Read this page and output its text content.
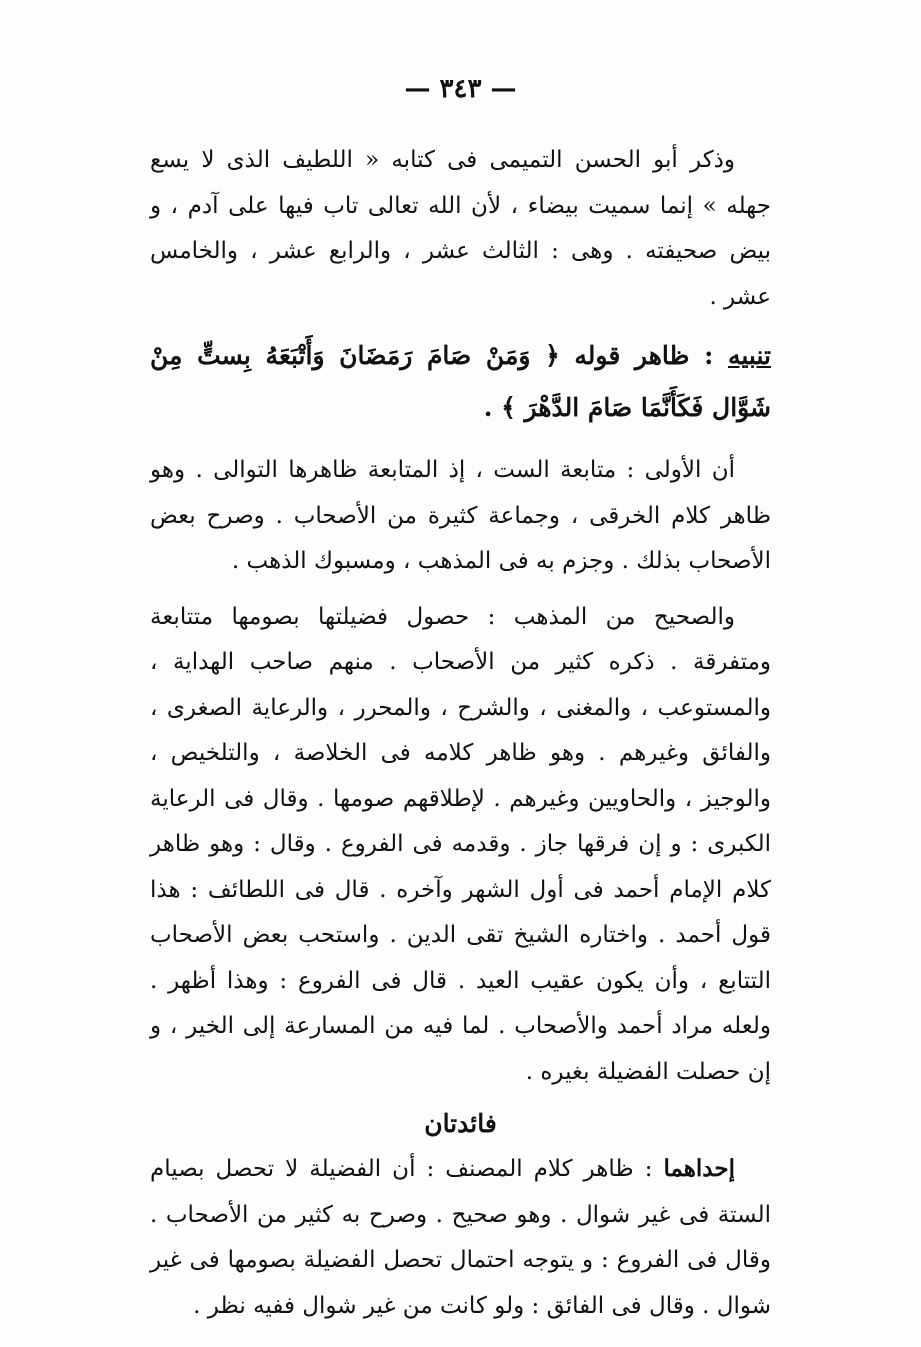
— ٣٤٣ —

وذكر أبو الحسن التميمى فى كتابه « اللطيف الذى لا يسع جهله » إنما سميت بيضاء ، لأن الله تعالى تاب فيها على آدم ، و بيض صحيفته . وهى : الثالث عشر ، والرابع عشر ، والخامس عشر .

تنبيه : ظاهر قوله ﴿ وَمَنْ صَامَ رَمَضَانَ وَأَتْبَعَهُ بِستٍّ مِنْ شَوَّال فَكَأَنَّمَا صَامَ الدَّهْرَ ﴾ .

أن الأولى : متابعة الست ، إذ المتابعة ظاهرها التوالى . وهو ظاهر كلام الخرقى ، وجماعة كثيرة من الأصحاب . وصرح بعض الأصحاب بذلك . وجزم به فى المذهب ، ومسبوك الذهب .

والصحيح من المذهب : حصول فضيلتها بصومها متتابعة ومتفرقة . ذكره كثير من الأصحاب . منهم صاحب الهداية ، والمستوعب ، والمغنى ، والشرح ، والمحرر ، والرعاية الصغرى ، والفائق وغيرهم . وهو ظاهر كلامه فى الخلاصة ، والتلخيص ، والوجيز ، والحاويين وغيرهم . لإطلاقهم صومها . وقال فى الرعاية الكبرى : و إن فرقها جاز . وقدمه فى الفروع . وقال : وهو ظاهر كلام الإمام أحمد فى أول الشهر وآخره . قال فى اللطائف : هذا قول أحمد . واختاره الشيخ تقى الدين . واستحب بعض الأصحاب التتابع ، وأن يكون عقيب العيد . قال فى الفروع : وهذا أظهر . ولعله مراد أحمد والأصحاب . لما فيه من المسارعة إلى الخير ، و إن حصلت الفضيلة بغيره .

فائدتان

إحداهما : ظاهر كلام المصنف : أن الفضيلة لا تحصل بصيام الستة فى غير شوال . وهو صحيح . وصرح به كثير من الأصحاب . وقال فى الفروع : و يتوجه احتمال تحصل الفضيلة بصومها فى غير شوال . وقال فى الفائق : ولو كانت من غير شوال ففيه نظر .
